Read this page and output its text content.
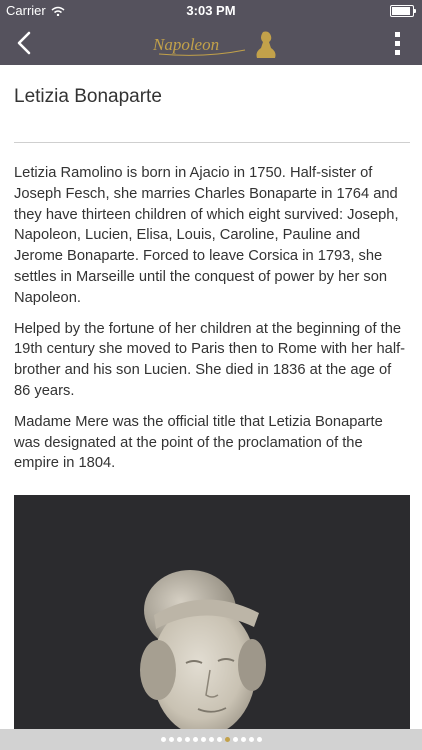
Carrier	3:03 PM
Napoleon
Letizia Bonaparte

Letizia Ramolino is born in Ajacio in 1750. Half-sister of Joseph Fesch, she marries Charles Bonaparte in 1764 and they have thirteen children of which eight survived: Joseph, Napoleon, Lucien, Elisa, Louis, Caroline, Pauline and Jerome Bonaparte. Forced to leave Corsica in 1793, she settles in Marseille until the conquest of power by her son Napoleon.

Helped by the fortune of her children at the beginning of the 19th century she moved to Paris then to Rome with her half-brother and his son Lucien. She died in 1836 at the age of 86 years.

Madame Mere was the official title that Letizia Bonaparte was designated at the point of the proclamation of the empire in 1804.
